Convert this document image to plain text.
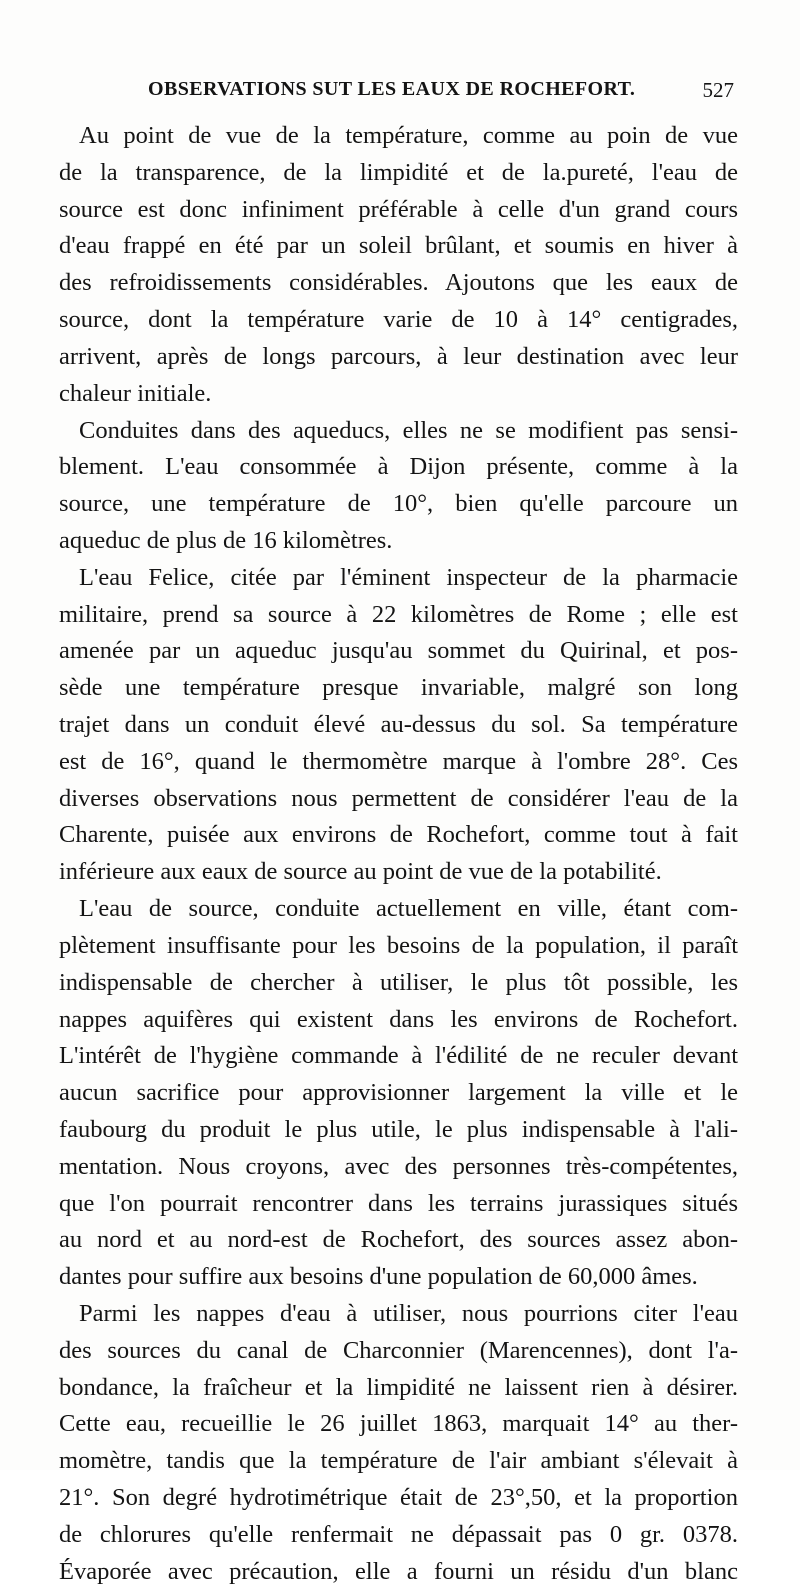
OBSERVATIONS SUT LES EAUX DE ROCHEFORT.	527
Au point de vue de la température, comme au poin de vue
de la transparence, de la limpidité et de la.pureté, l'eau de
source est donc infiniment préférable à celle d'un grand cours
d'eau frappé en été par un soleil brûlant, et soumis en hiver à
des refroidissements considérables. Ajoutons que les eaux de
source, dont la température varie de 10 à 14° centigrades,
arrivent, après de longs parcours, à leur destination avec leur
chaleur initiale.
Conduites dans des aqueducs, elles ne se modifient pas sensi-
blement. L'eau consommée à Dijon présente, comme à la
source, une température de 10°, bien qu'elle parcoure un
aqueduc de plus de 16 kilomètres.
L'eau Felice, citée par l'éminent inspecteur de la pharmacie
militaire, prend sa source à 22 kilomètres de Rome ; elle est
amenée par un aqueduc jusqu'au sommet du Quirinal, et pos-
sède une température presque invariable, malgré son long
trajet dans un conduit élevé au-dessus du sol. Sa température
est de 16°, quand le thermomètre marque à l'ombre 28°. Ces
diverses observations nous permettent de considérer l'eau de la
Charente, puisée aux environs de Rochefort, comme tout à fait
inférieure aux eaux de source au point de vue de la potabilité.
L'eau de source, conduite actuellement en ville, étant com-
plètement insuffisante pour les besoins de la population, il paraît
indispensable de chercher à utiliser, le plus tôt possible, les
nappes aquifères qui existent dans les environs de Rochefort.
L'intérêt de l'hygiène commande à l'édilité de ne reculer devant
aucun sacrifice pour approvisionner largement la ville et le
faubourg du produit le plus utile, le plus indispensable à l'ali-
mentation. Nous croyons, avec des personnes très-compétentes,
que l'on pourrait rencontrer dans les terrains jurassiques situés
au nord et au nord-est de Rochefort, des sources assez abon-
dantes pour suffire aux besoins d'une population de 60,000 âmes.
Parmi les nappes d'eau à utiliser, nous pourrions citer l'eau
des sources du canal de Charconnier (Marencennes), dont l'a-
bondance, la fraîcheur et la limpidité ne laissent rien à désirer.
Cette eau, recueillie le 26 juillet 1863, marquait 14° au ther-
momètre, tandis que la température de l'air ambiant s'élevait à
21°. Son degré hydrotimétrique était de 23°,50, et la proportion
de chlorures qu'elle renfermait ne dépassait pas 0 gr. 0378.
Évaporée avec précaution, elle a fourni un résidu d'un blanc
